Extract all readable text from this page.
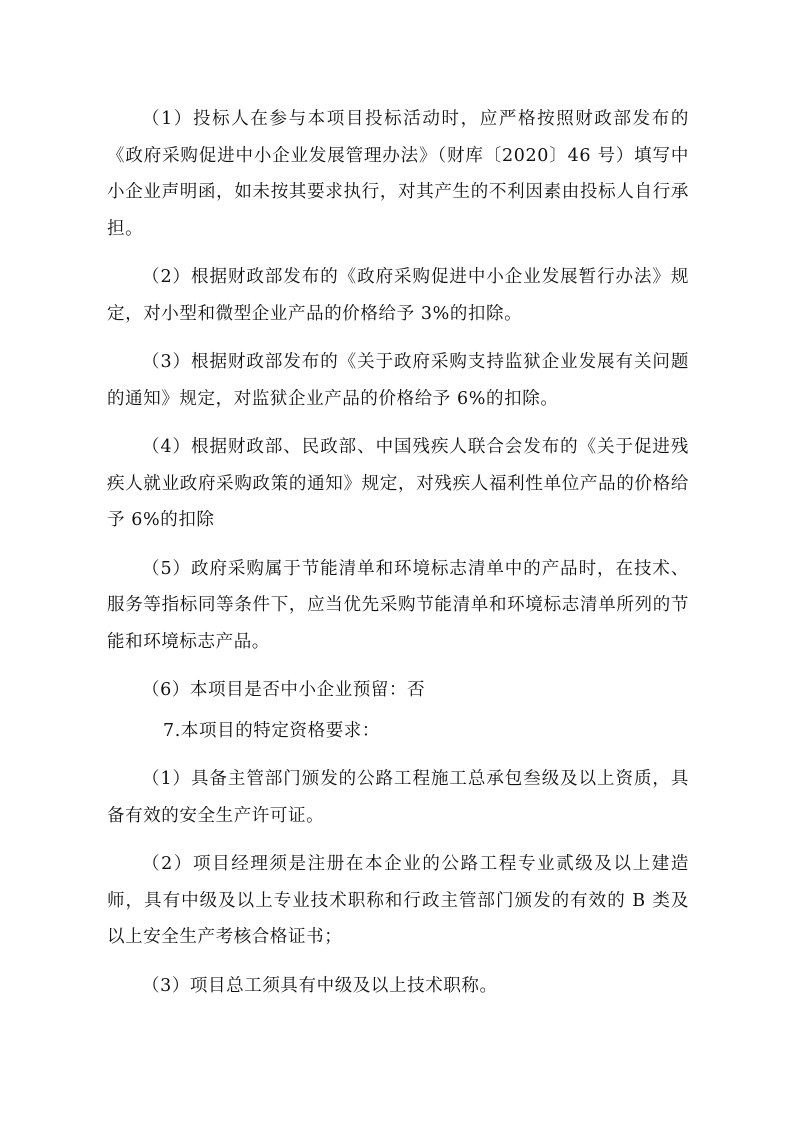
（1）投标人在参与本项目投标活动时，应严格按照财政部发布的《政府采购促进中小企业发展管理办法》（财库〔2020〕46 号）填写中小企业声明函，如未按其要求执行，对其产生的不利因素由投标人自行承担。

（2）根据财政部发布的《政府采购促进中小企业发展暂行办法》规定，对小型和微型企业产品的价格给予 3%的扣除。

（3）根据财政部发布的《关于政府采购支持监狱企业发展有关问题的通知》规定，对监狱企业产品的价格给予 6%的扣除。

（4）根据财政部、民政部、中国残疾人联合会发布的《关于促进残疾人就业政府采购政策的通知》规定，对残疾人福利性单位产品的价格给予 6%的扣除

（5）政府采购属于节能清单和环境标志清单中的产品时，在技术、服务等指标同等条件下，应当优先采购节能清单和环境标志清单所列的节能和环境标志产品。

（6）本项目是否中小企业预留：否

7.本项目的特定资格要求：

（1）具备主管部门颁发的公路工程施工总承包叁级及以上资质，具备有效的安全生产许可证。

（2）项目经理须是注册在本企业的公路工程专业贰级及以上建造师，具有中级及以上专业技术职称和行政主管部门颁发的有效的 B 类及以上安全生产考核合格证书；

（3）项目总工须具有中级及以上技术职称。
